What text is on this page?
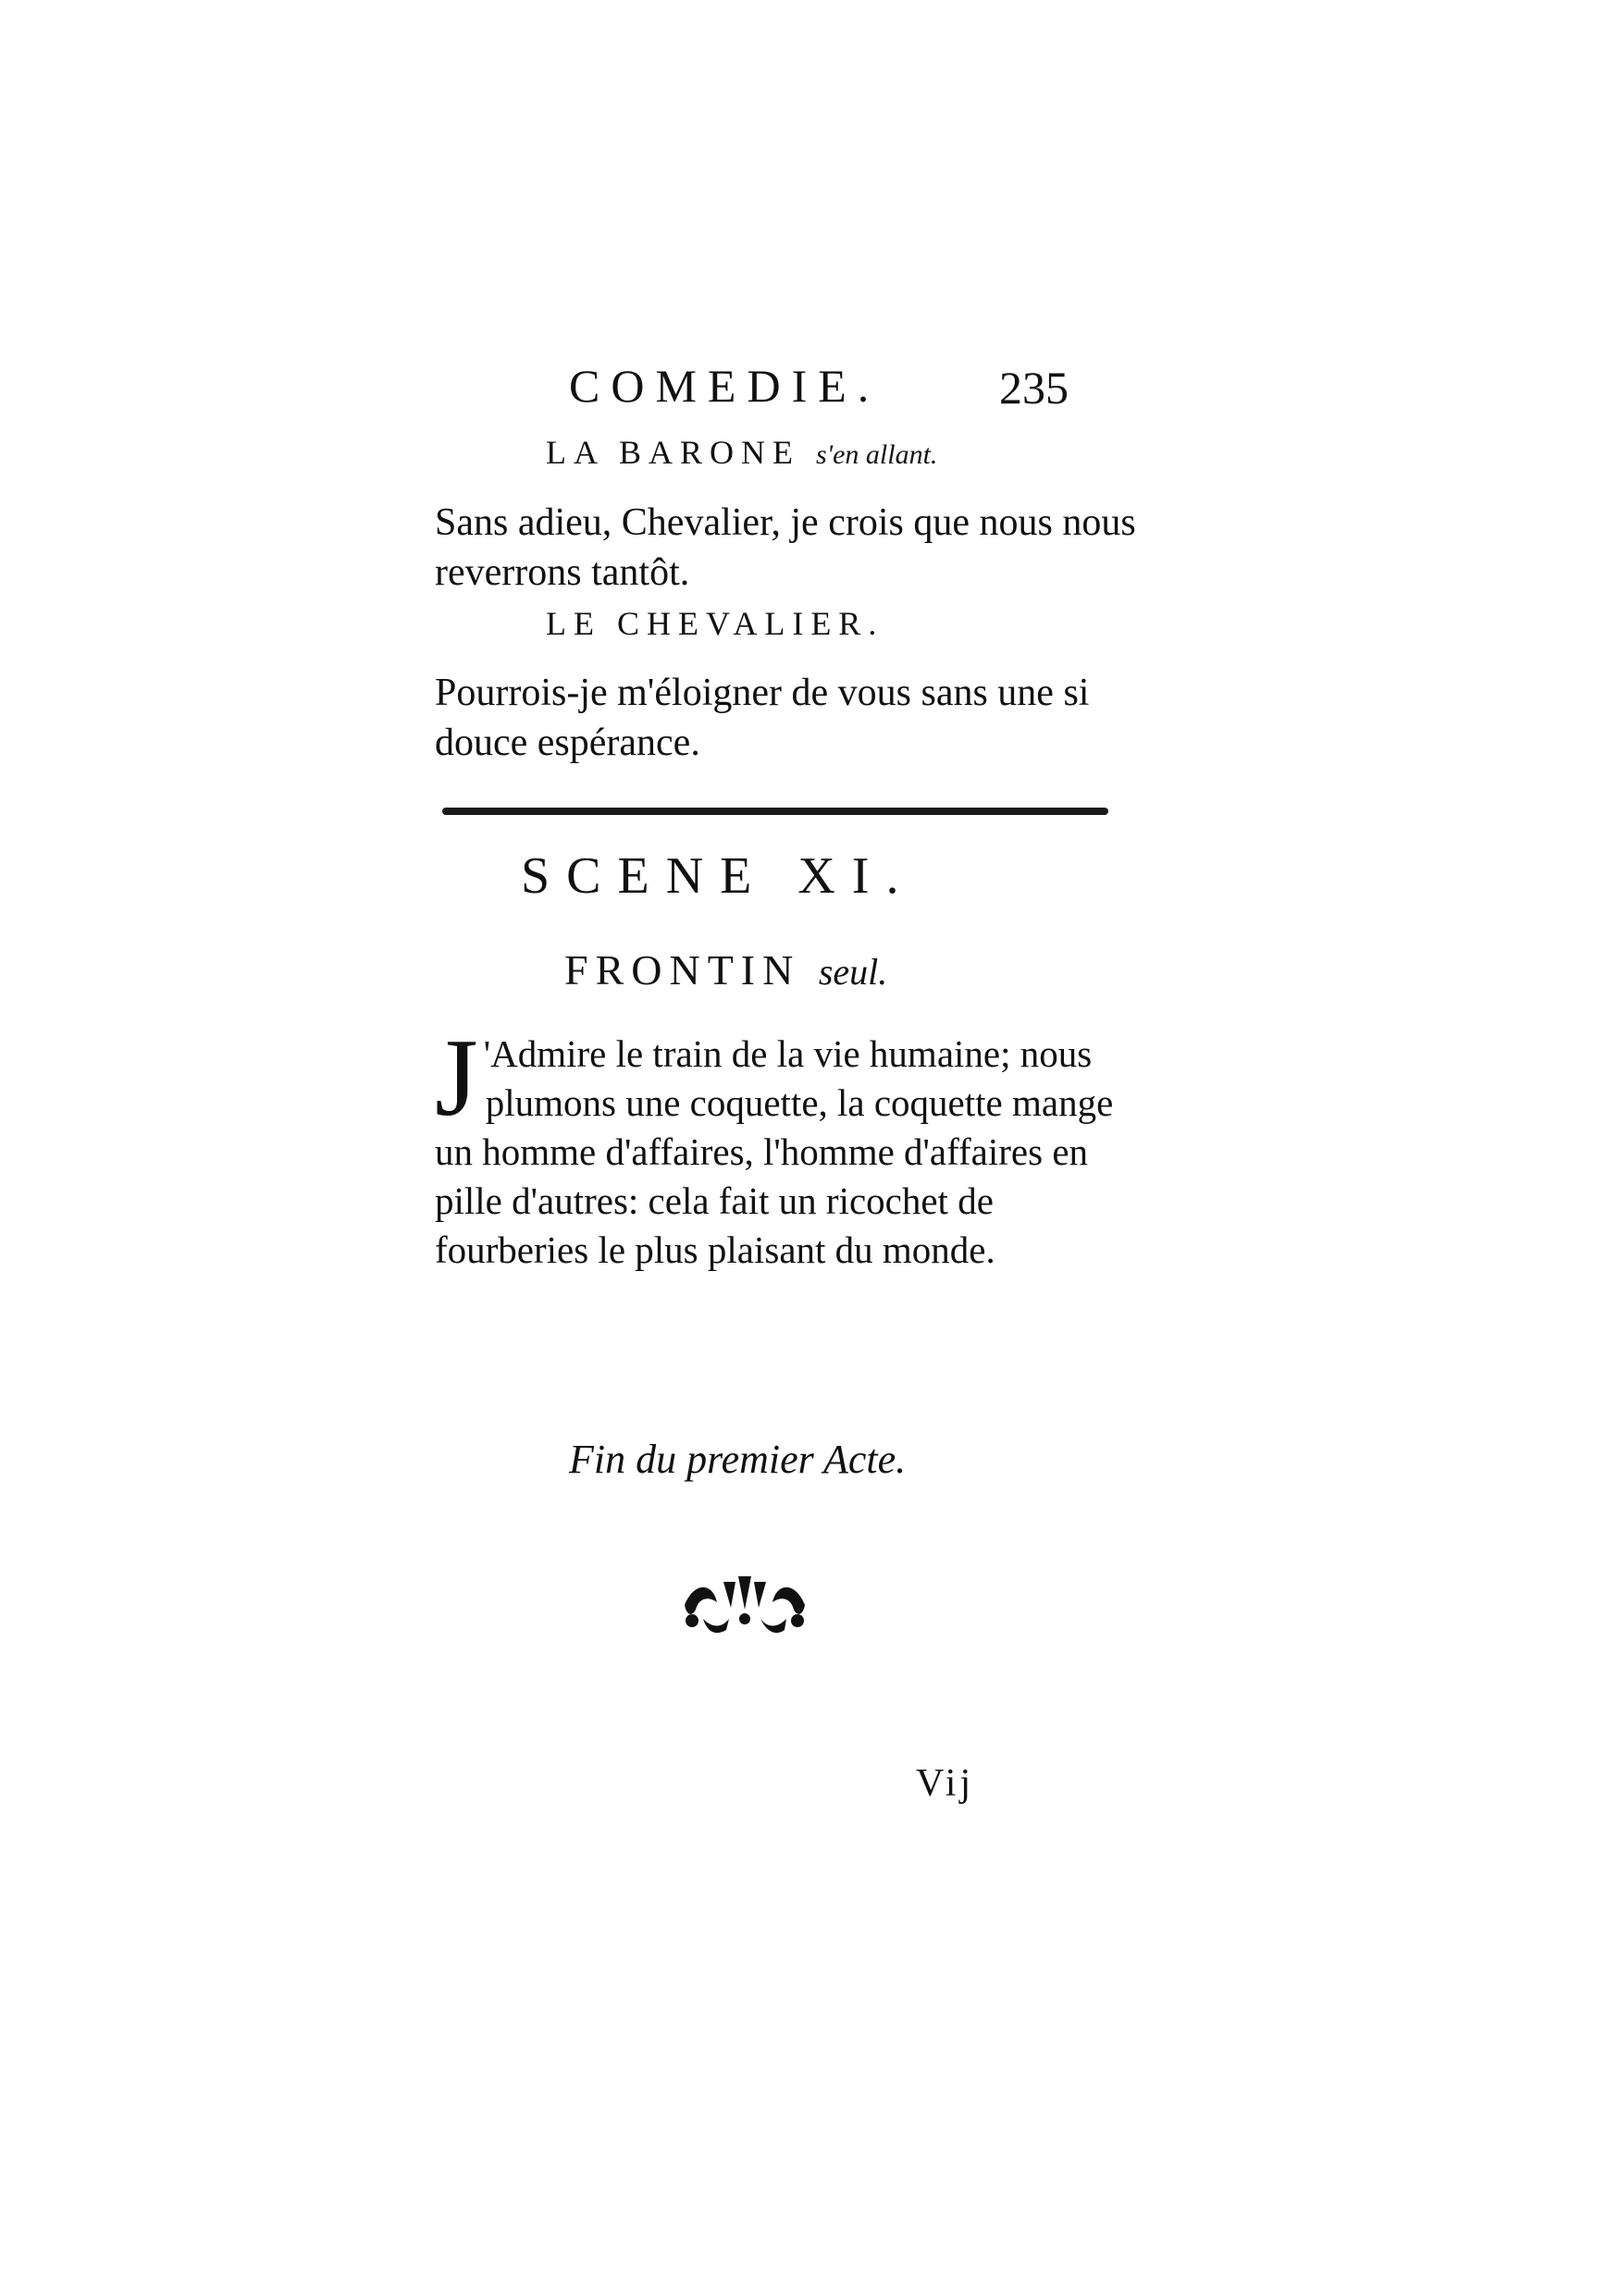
COMEDIE.	235
LA BARONE s'en allant.
Sans adieu, Chevalier, je crois que nous nous reverrons tantôt.
LE CHEVALIER.
Pourrois-je m'éloigner de vous sans une si douce espérance.
SCENE XI.
FRONTIN seul.
J 'Admire le train de la vie humaine; nous plumons une coquette, la coquette mange un homme d'affaires, l'homme d'affaires en pille d'autres: cela fait un ricochet de fourberies le plus plaisant du monde.
Fin du premier Acte.
Vij
